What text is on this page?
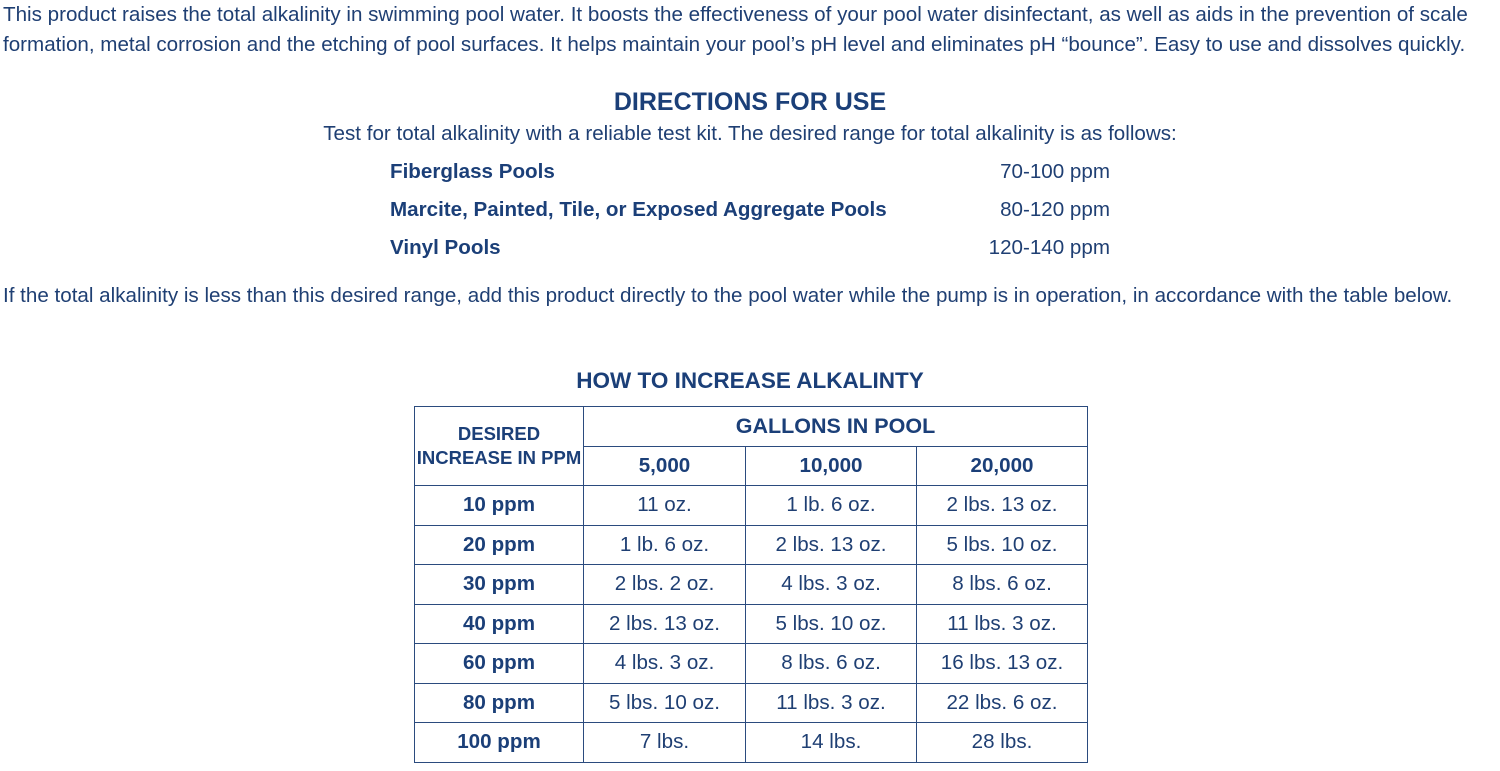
This product raises the total alkalinity in swimming pool water. It boosts the effectiveness of your pool water disinfectant, as well as aids in the prevention of scale formation, metal corrosion and the etching of pool surfaces. It helps maintain your pool’s pH level and eliminates pH “bounce”. Easy to use and dissolves quickly.

DIRECTIONS FOR USE

Test for total alkalinity with a reliable test kit. The desired range for total alkalinity is as follows:

Fiberglass Pools	70-100 ppm
Marcite, Painted, Tile, or Exposed Aggregate Pools	80-120 ppm
Vinyl Pools	120-140 ppm

If the total alkalinity is less than this desired range, add this product directly to the pool water while the pump is in operation, in accordance with the table below.

HOW TO INCREASE ALKALINTY
DESIRED INCREASE IN PPM	GALLONS IN POOL		
	5,000	10,000	20,000
10 ppm	11 oz.	1 lb. 6 oz.	2 lbs. 13 oz.
20 ppm	1 lb. 6 oz.	2 lbs. 13 oz.	5 lbs. 10 oz.
30 ppm	2 lbs. 2 oz.	4 lbs. 3 oz.	8 lbs. 6 oz.
40 ppm	2 lbs. 13 oz.	5 lbs. 10 oz.	11 lbs. 3 oz.
60 ppm	4 lbs. 3 oz.	8 lbs. 6 oz.	16 lbs. 13 oz.
80 ppm	5 lbs. 10 oz.	11 lbs. 3 oz.	22 lbs. 6 oz.
100 ppm	7 lbs.	14 lbs.	28 lbs.
